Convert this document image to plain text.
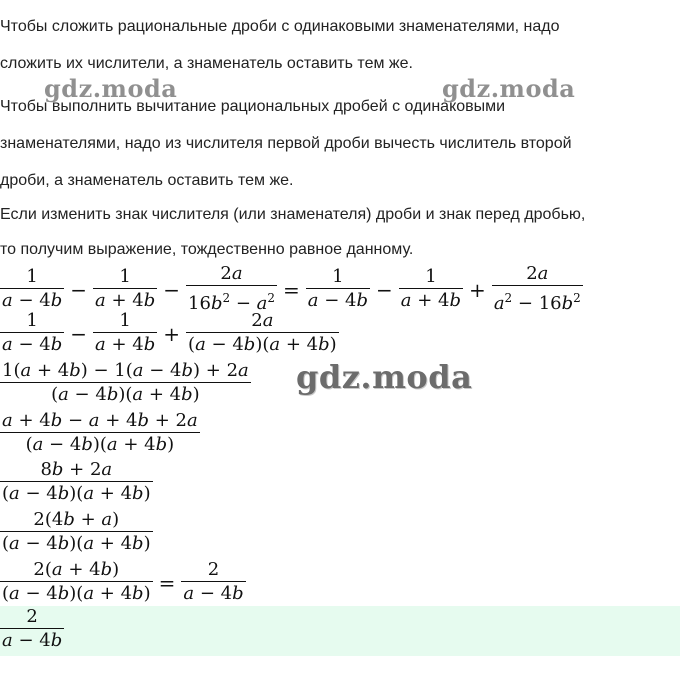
Чтобы сложить рациональные дроби с одинаковыми знаменателями, надо
сложить их числители, а знаменатель оставить тем же.
Чтобы выполнить вычитание рациональных дробей с одинаковыми
знаменателями, надо из числителя первой дроби вычесть числитель второй
дроби, а знаменатель оставить тем же.
Если изменить знак числителя (или знаменателя) дроби и знак перед дробью,
то получим выражение, тождественно равное данному.
gdz.moda	gdz.moda
$\frac{1}{a - 4b} - \frac{1}{a + 4b} - \frac{2a}{16b^2 - a^2} = \frac{1}{a - 4b} - \frac{1}{a + 4b} + \frac{2a}{a^2 - 16b^2}$
$\frac{1}{a - 4b} - \frac{1}{a + 4b} + \frac{2a}{(a - 4b)(a + 4b)}$
$\frac{1(a + 4b) - 1(a - 4b) + 2a}{(a - 4b)(a + 4b)}$ gdz.moda
$\frac{a + 4b - a + 4b + 2a}{(a - 4b)(a + 4b)}$
$\frac{8b + 2a}{(a - 4b)(a + 4b)}$
$\frac{2(4b + a)}{(a - 4b)(a + 4b)}$
$\frac{2(a + 4b)}{(a - 4b)(a + 4b)} = \frac{2}{a - 4b}$
$\frac{2}{a - 4b}$
